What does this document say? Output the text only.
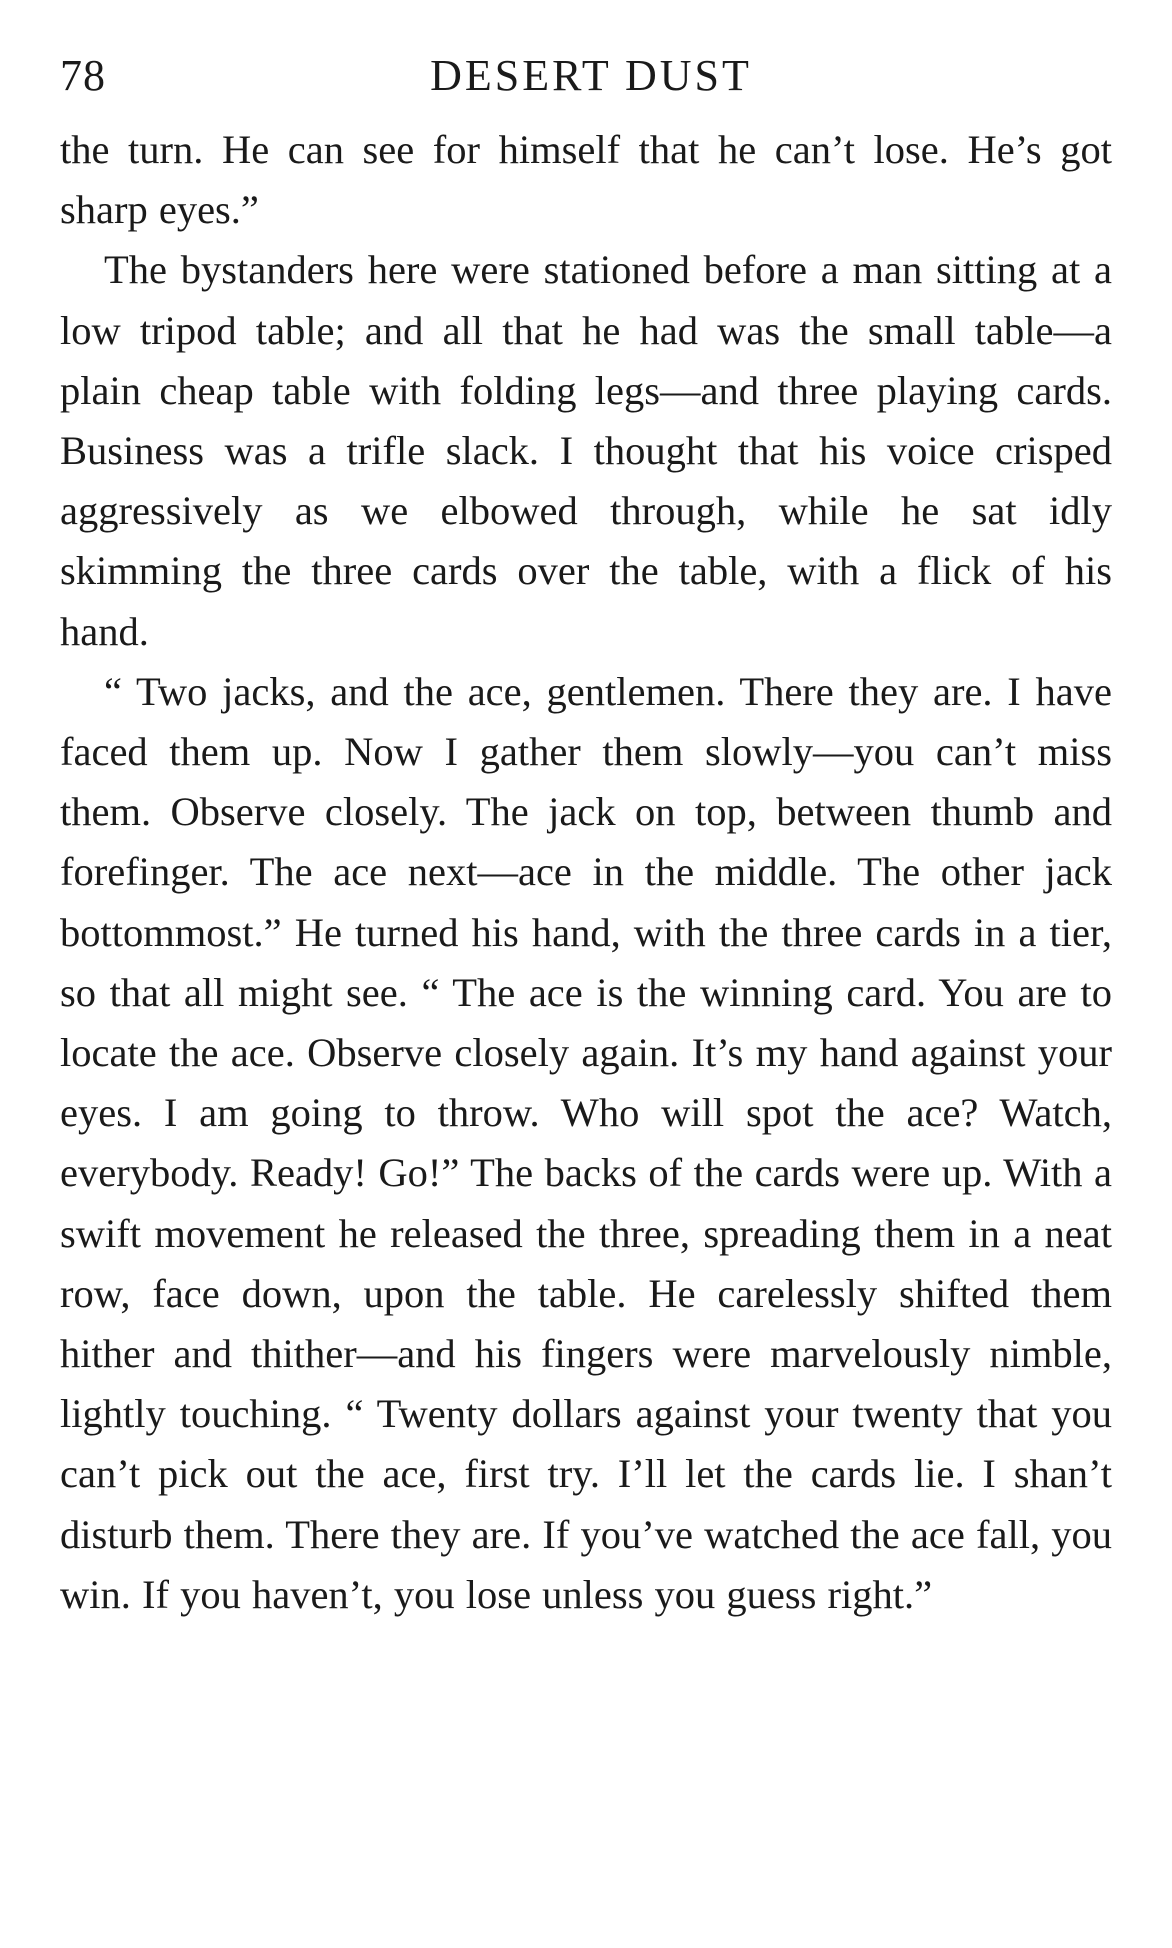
78	DESERT DUST

the turn. He can see for himself that he can’t lose. He’s got sharp eyes.”

The bystanders here were stationed before a man sitting at a low tripod table; and all that he had was the small table—a plain cheap table with folding legs—and three playing cards. Business was a trifle slack. I thought that his voice crisped aggressively as we elbowed through, while he sat idly skimming the three cards over the table, with a flick of his hand.

“ Two jacks, and the ace, gentlemen. There they are. I have faced them up. Now I gather them slowly—you can’t miss them. Observe closely. The jack on top, between thumb and forefinger. The ace next—ace in the middle. The other jack bottommost.” He turned his hand, with the three cards in a tier, so that all might see. “ The ace is the winning card. You are to locate the ace. Observe closely again. It’s my hand against your eyes. I am going to throw. Who will spot the ace? Watch, everybody. Ready! Go!” The backs of the cards were up. With a swift movement he released the three, spreading them in a neat row, face down, upon the table. He carelessly shifted them hither and thither—and his fingers were marvelously nimble, lightly touching. “ Twenty dollars against your twenty that you can’t pick out the ace, first try. I’ll let the cards lie. I shan’t disturb them. There they are. If you’ve watched the ace fall, you win. If you haven’t, you lose unless you guess right.”
